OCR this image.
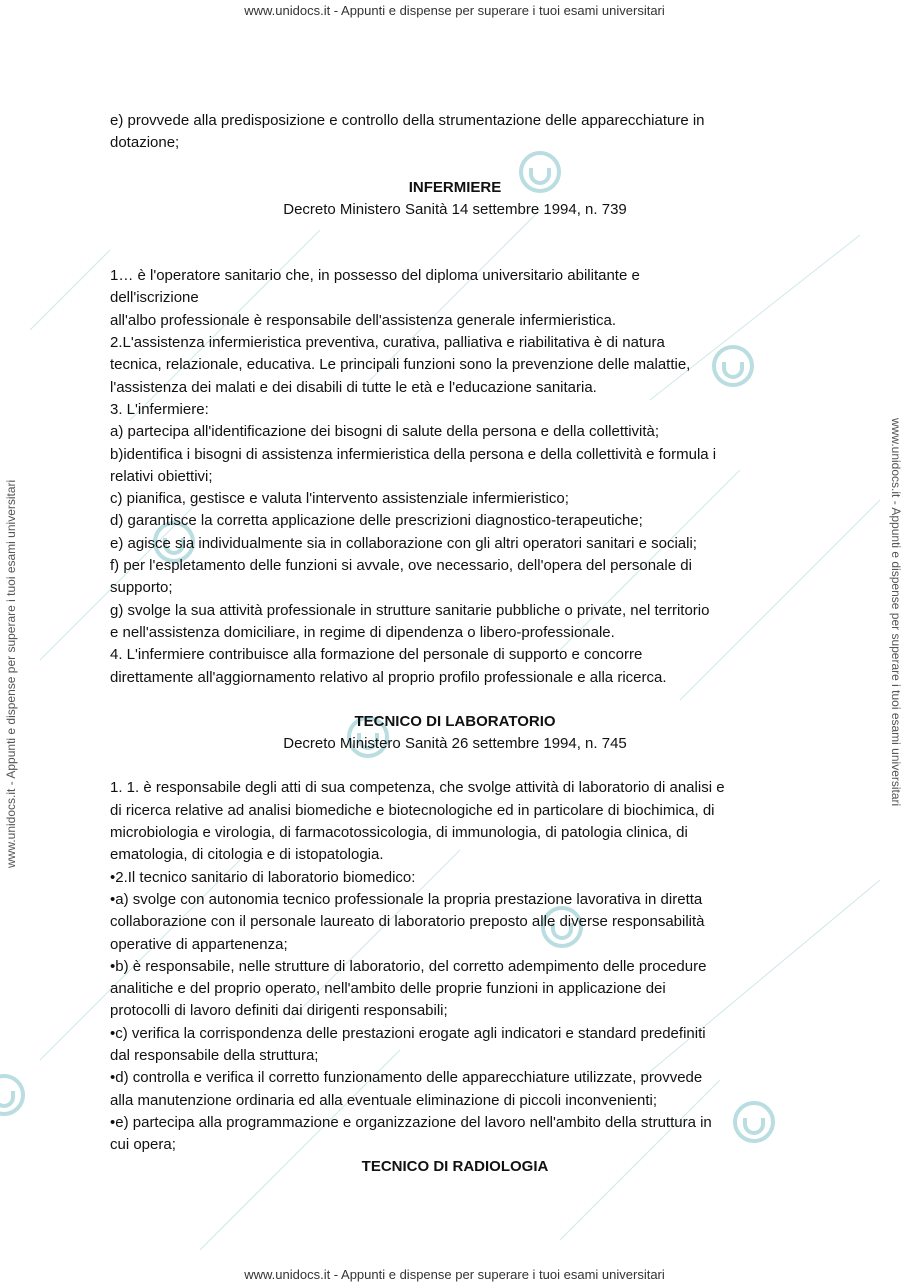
www.unidocs.it - Appunti e dispense per superare i tuoi esami universitari
www.unidocs.it - Appunti e dispense per superare i tuoi esami universitari	www.unidocs.it - Appunti e dispense per superare i tuoi esami universitari

e) provvede alla predisposizione e controllo della strumentazione delle apparecchiature in

dotazione;

INFERMIERE

Decreto Ministero Sanità 14 settembre 1994, n. 739

1… è l'operatore sanitario che, in possesso del diploma universitario abilitante e

dell'iscrizione

all'albo professionale è responsabile dell'assistenza generale infermieristica.

2.L'assistenza infermieristica preventiva, curativa, palliativa e riabilitativa è di natura

tecnica, relazionale, educativa. Le principali funzioni sono la prevenzione delle malattie,

l'assistenza dei malati e dei disabili di tutte le età e l'educazione sanitaria.

3. L'infermiere:

a) partecipa all'identificazione dei bisogni di salute della persona e della collettività;

b)identifica i bisogni di assistenza infermieristica della persona e della collettività e formula i

relativi obiettivi;

c) pianifica, gestisce e valuta l'intervento assistenziale infermieristico;

d) garantisce la corretta applicazione delle prescrizioni diagnostico-terapeutiche;

e) agisce sia individualmente sia in collaborazione con gli altri operatori sanitari e sociali;

f) per l'espletamento delle funzioni si avvale, ove necessario, dell'opera del personale di

supporto;

g) svolge la sua attività professionale in strutture sanitarie pubbliche o private, nel territorio

e nell'assistenza domiciliare, in regime di dipendenza o libero-professionale.

4. L'infermiere contribuisce alla formazione del personale di supporto e concorre

direttamente all'aggiornamento relativo al proprio profilo professionale e alla ricerca.

TECNICO DI LABORATORIO

Decreto Ministero Sanità 26 settembre 1994, n. 745

1. 1. è responsabile degli atti di sua competenza, che svolge attività di laboratorio di analisi e

di ricerca relative ad analisi biomediche e biotecnologiche ed in particolare di biochimica, di

microbiologia e virologia, di farmacotossicologia, di immunologia, di patologia clinica, di

ematologia, di citologia e di istopatologia.

•2.Il tecnico sanitario di laboratorio biomedico:

•a) svolge con autonomia tecnico professionale la propria prestazione lavorativa in diretta

collaborazione con il personale laureato di laboratorio preposto alle diverse responsabilità

operative di appartenenza;

•b) è responsabile, nelle strutture di laboratorio, del corretto adempimento delle procedure

analitiche e del proprio operato, nell'ambito delle proprie funzioni in applicazione dei

protocolli di lavoro definiti dai dirigenti responsabili;

•c) verifica la corrispondenza delle prestazioni erogate agli indicatori e standard predefiniti

dal responsabile della struttura;

•d) controlla e verifica il corretto funzionamento delle apparecchiature utilizzate, provvede

alla manutenzione ordinaria ed alla eventuale eliminazione di piccoli inconvenienti;

•e) partecipa alla programmazione e organizzazione del lavoro nell'ambito della struttura in

cui opera;

TECNICO DI RADIOLOGIA

www.unidocs.it - Appunti e dispense per superare i tuoi esami universitari
